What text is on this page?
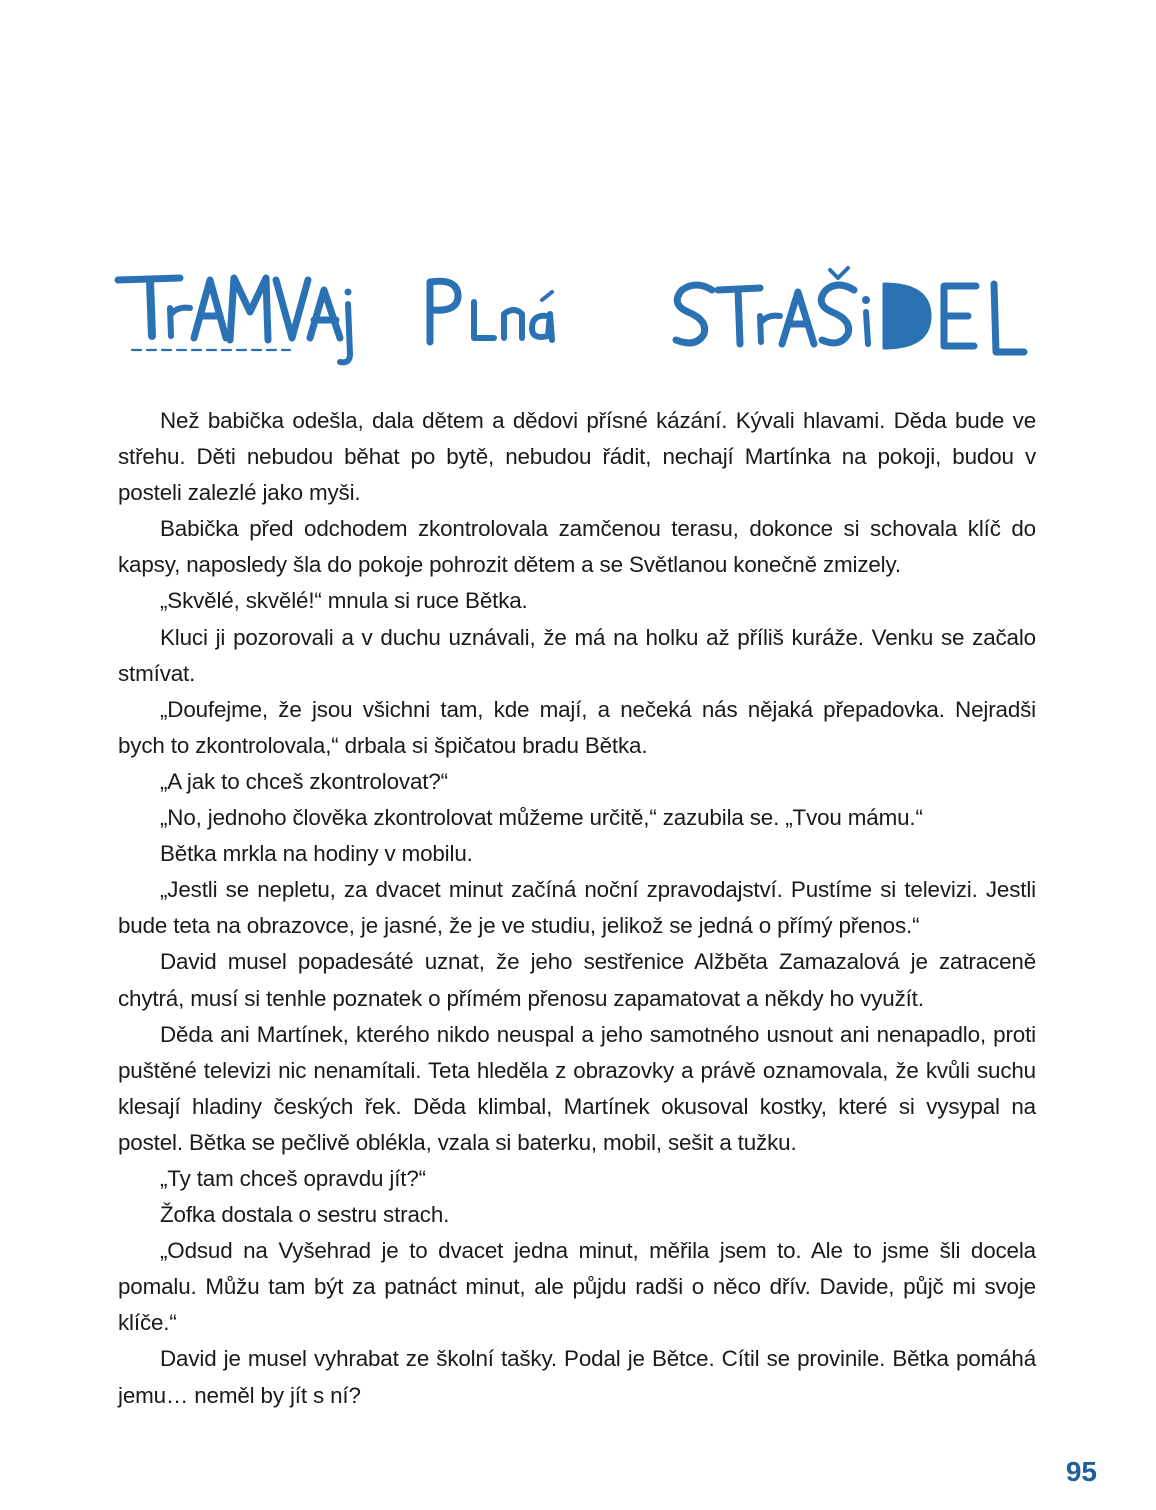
Než babička odešla, dala dětem a dědovi přísné kázání. Kývali hlavami. Děda bude ve střehu. Děti nebudou běhat po bytě, nebudou řádit, nechají Martínka na pokoji, budou v posteli zalezlé jako myši.

Babička před odchodem zkontrolovala zamčenou terasu, dokonce si schovala klíč do kapsy, naposledy šla do pokoje pohrozit dětem a se Světlanou konečně zmizely.

„Skvělé, skvělé!“ mnula si ruce Bětka.

Kluci ji pozorovali a v duchu uznávali, že má na holku až příliš kuráže. Venku se začalo stmívat.

„Doufejme, že jsou všichni tam, kde mají, a nečeká nás nějaká přepadovka. Nejradši bych to zkontrolovala,“ drbala si špičatou bradu Bětka.

„A jak to chceš zkontrolovat?“

„No, jednoho člověka zkontrolovat můžeme určitě,“ zazubila se. „Tvou mámu.“

Bětka mrkla na hodiny v mobilu.

„Jestli se nepletu, za dvacet minut začíná noční zpravodajství. Pustíme si televizi. Jestli bude teta na obrazovce, je jasné, že je ve studiu, jelikož se jedná o přímý přenos.“

David musel popadesáté uznat, že jeho sestřenice Alžběta Zamazalová je zatraceně chytrá, musí si tenhle poznatek o přímém přenosu zapamatovat a někdy ho využít.

Děda ani Martínek, kterého nikdo neuspal a jeho samotného usnout ani nenapadlo, proti puštěné televizi nic nenamítali. Teta hleděla z obrazovky a právě oznamovala, že kvůli suchu klesají hladiny českých řek. Děda klimbal, Martínek okusoval kostky, které si vysypal na postel. Bětka se pečlivě oblékla, vzala si baterku, mobil, sešit a tužku.

„Ty tam chceš opravdu jít?“

Žofka dostala o sestru strach.

„Odsud na Vyšehrad je to dvacet jedna minut, měřila jsem to. Ale to jsme šli docela pomalu. Můžu tam být za patnáct minut, ale půjdu radši o něco dřív. Davide, půjč mi svoje klíče.“

David je musel vyhrabat ze školní tašky. Podal je Bětce. Cítil se provinile. Bětka pomáhá jemu… neměl by jít s ní?

95
